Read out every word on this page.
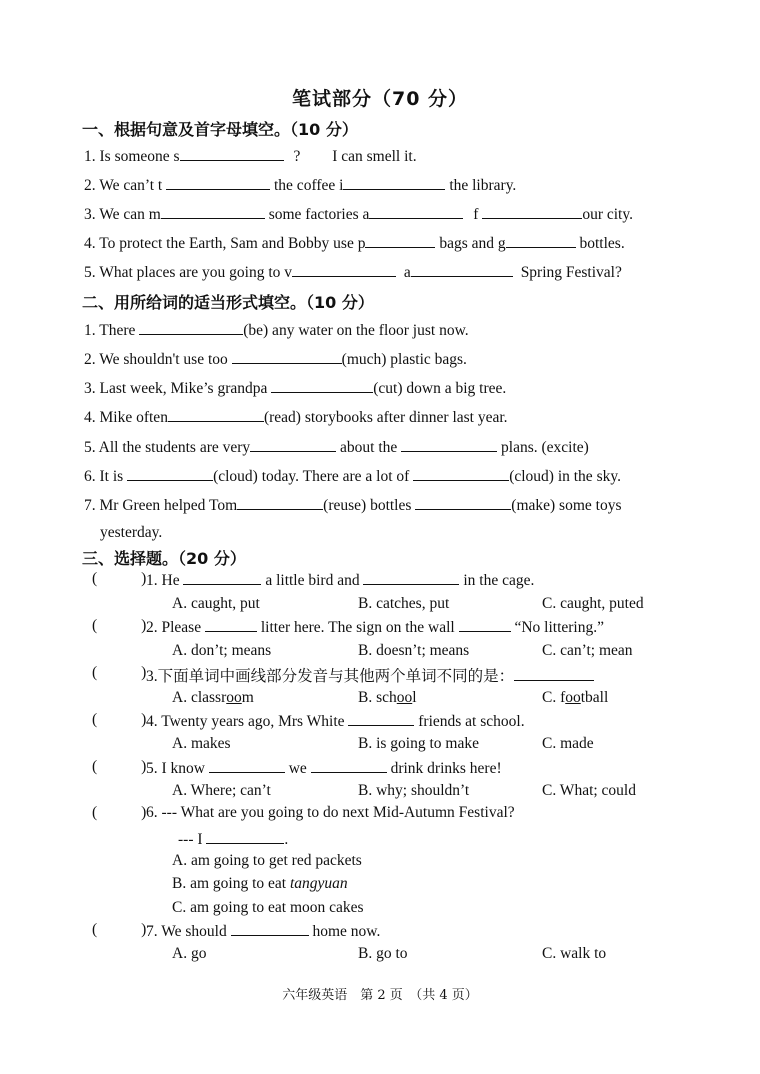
笔试部分（70 分）
一、根据句意及首字母填空。（10 分）
1. Is someone s	? I can smell it.
2. We can’t t	the coffee i	the library.
3. We can m	some factories a	f	our city.
4. To protect the Earth, Sam and Bobby use p	bags and g	bottles.
5. What places are you going to v	a	Spring Festival?
二、用所给词的适当形式填空。（10 分）
1. There	(be) any water on the floor just now.
2. We shouldn't use too	(much) plastic bags.
3. Last week, Mike’s grandpa	(cut) down a big tree.
4. Mike often	(read) storybooks after dinner last year.
5. All the students are very	about the	plans. (excite)
6. It is	(cloud) today. There are a lot of	(cloud) in the sky.
7. Mr Green helped Tom	(reuse) bottles	(make) some toys
yesterday.
三、选择题。（20 分）
(	) 1. He	a little bird and	in the cage.
A. caught, put	B. catches, put	C. caught, puted
(	) 2. Please	litter here. The sign on the wall	“No littering.”
A. don’t; means	B. doesn’t; means	C. can’t; mean
(	) 3.下面单词中画线部分发音与其他两个单词不同的是：
A. classroom	B. school	C. football
(	) 4. Twenty years ago, Mrs White	friends at school.
A. makes	B. is going to make	C. made
(	) 5. I know	we	drink drinks here!
A. Where; can’t	B. why; shouldn’t	C. What; could
(	) 6. --- What are you going to do next Mid-Autumn Festival?
--- I	.
A. am going to get red packets
B. am going to eat tangyuan
C. am going to eat moon cakes
(	) 7. We should	home now.
A. go	B. go to	C. walk to
六年级英语　第 2 页　（共 4 页）
